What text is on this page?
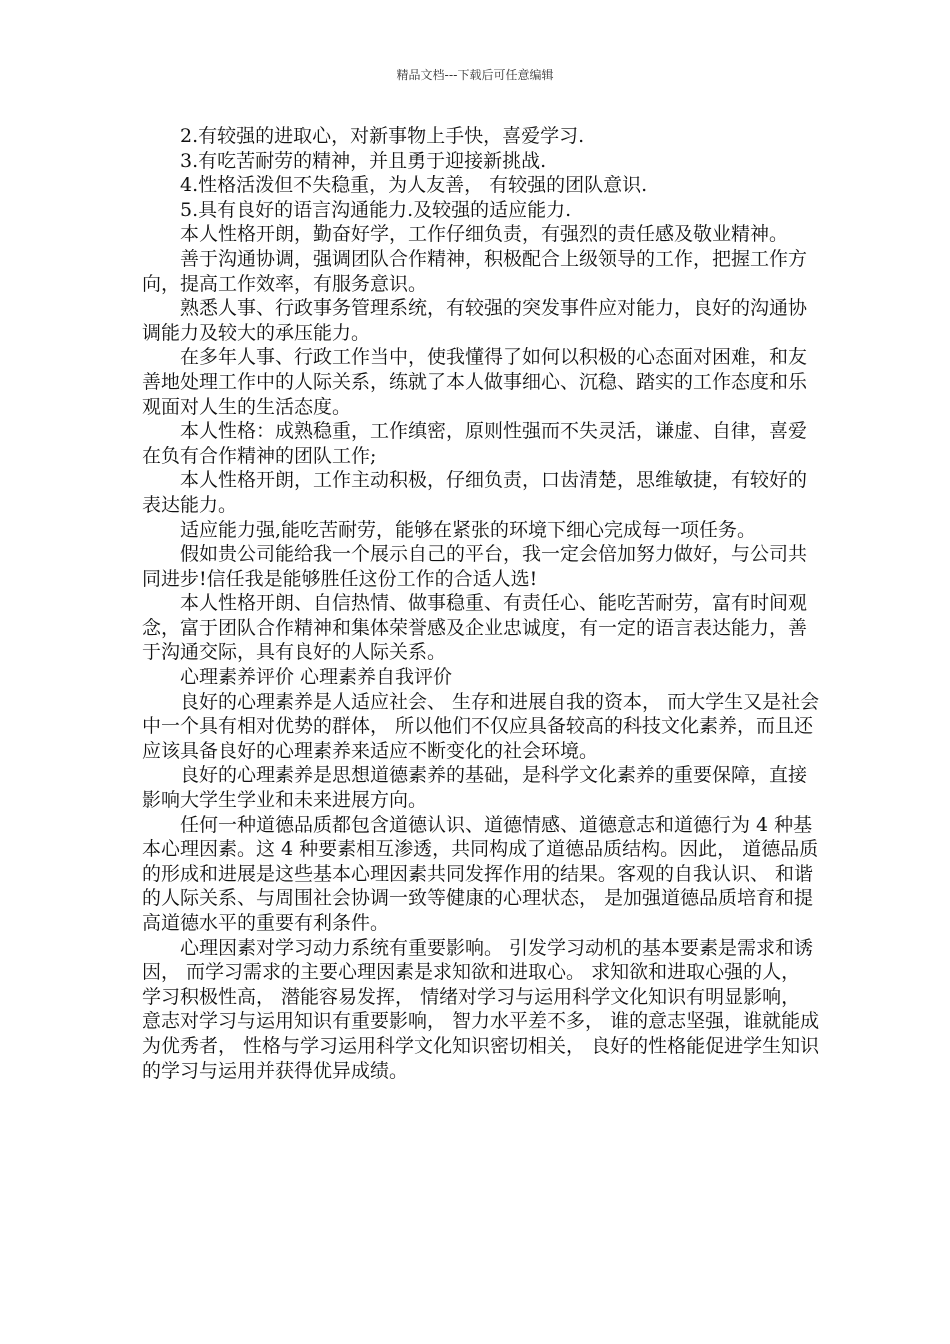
精品文档---下载后可任意编辑

2.有较强的进取心，对新事物上手快，喜爱学习.

3.有吃苦耐劳的精神，并且勇于迎接新挑战.

4.性格活泼但不失稳重，为人友善， 有较强的团队意识.

5.具有良好的语言沟通能力.及较强的适应能力.

本人性格开朗，勤奋好学，工作仔细负责，有强烈的责任感及敬业精神。

善于沟通协调，强调团队合作精神，积极配合上级领导的工作，把握工作方向，提高工作效率，有服务意识。

熟悉人事、行政事务管理系统，有较强的突发事件应对能力，良好的沟通协调能力及较大的承压能力。

在多年人事、行政工作当中，使我懂得了如何以积极的心态面对困难，和友善地处理工作中的人际关系，练就了本人做事细心、沉稳、踏实的工作态度和乐观面对人生的生活态度。

本人性格：成熟稳重，工作缜密，原则性强而不失灵活，谦虚、自律，喜爱在负有合作精神的团队工作;

本人性格开朗，工作主动积极，仔细负责，口齿清楚，思维敏捷，有较好的表达能力。

适应能力强,能吃苦耐劳，能够在紧张的环境下细心完成每一项任务。

假如贵公司能给我一个展示自己的平台，我一定会倍加努力做好，与公司共同进步!信任我是能够胜任这份工作的合适人选!

本人性格开朗、自信热情、做事稳重、有责任心、能吃苦耐劳，富有时间观念，富于团队合作精神和集体荣誉感及企业忠诚度，有一定的语言表达能力，善于沟通交际，具有良好的人际关系。

心理素养评价 心理素养自我评价

良好的心理素养是人适应社会、 生存和进展自我的资本， 而大学生又是社会中一个具有相对优势的群体， 所以他们不仅应具备较高的科技文化素养，而且还应该具备良好的心理素养来适应不断变化的社会环境。

良好的心理素养是思想道德素养的基础，是科学文化素养的重要保障，直接影响大学生学业和未来进展方向。

任何一种道德品质都包含道德认识、道德情感、道德意志和道德行为 4 种基本心理因素。这 4 种要素相互渗透，共同构成了道德品质结构。因此， 道德品质的形成和进展是这些基本心理因素共同发挥作用的结果。客观的自我认识、 和谐的人际关系、与周围社会协调一致等健康的心理状态， 是加强道德品质培育和提高道德水平的重要有利条件。

心理因素对学习动力系统有重要影响。 引发学习动机的基本要素是需求和诱因， 而学习需求的主要心理因素是求知欲和进取心。 求知欲和进取心强的人， 学习积极性高， 潜能容易发挥， 情绪对学习与运用科学文化知识有明显影响， 意志对学习与运用知识有重要影响， 智力水平差不多， 谁的意志坚强，谁就能成为优秀者， 性格与学习运用科学文化知识密切相关， 良好的性格能促进学生知识的学习与运用并获得优异成绩。
